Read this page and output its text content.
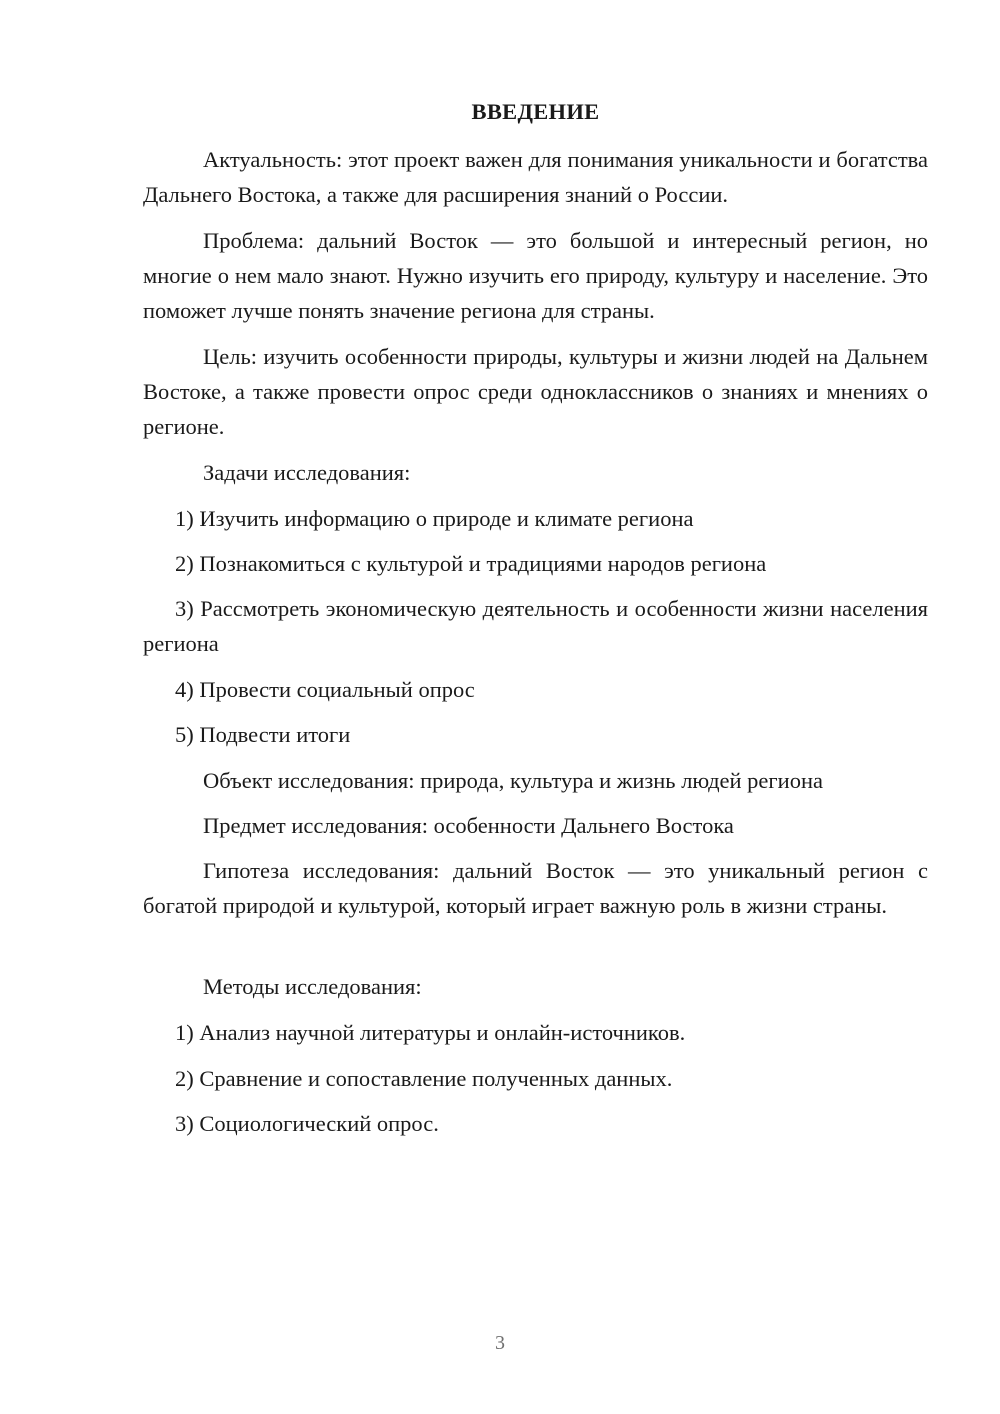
ВВЕДЕНИЕ

Актуальность: этот проект важен для понимания уникальности и богатства Дальнего Востока, а также для расширения знаний о России.

Проблема: дальний Восток — это большой и интересный регион, но многие о нем мало знают. Нужно изучить его природу, культуру и население. Это поможет лучше понять значение региона для страны.

Цель: изучить особенности природы, культуры и жизни людей на Дальнем Востоке, а также провести опрос среди одноклассников о знаниях и мнениях о регионе.

Задачи исследования:

1) Изучить информацию о природе и климате региона

2) Познакомиться с культурой и традициями народов региона

3) Рассмотреть экономическую деятельность и особенности жизни населения региона

4) Провести социальный опрос

5) Подвести итоги

Объект исследования: природа, культура и жизнь людей региона

Предмет исследования: особенности Дальнего Востока

Гипотеза исследования: дальний Восток — это уникальный регион с богатой природой и культурой, который играет важную роль в жизни страны.

Методы исследования:

1) Анализ научной литературы и онлайн-источников.

2) Сравнение и сопоставление полученных данных.

3) Социологический опрос.

3
